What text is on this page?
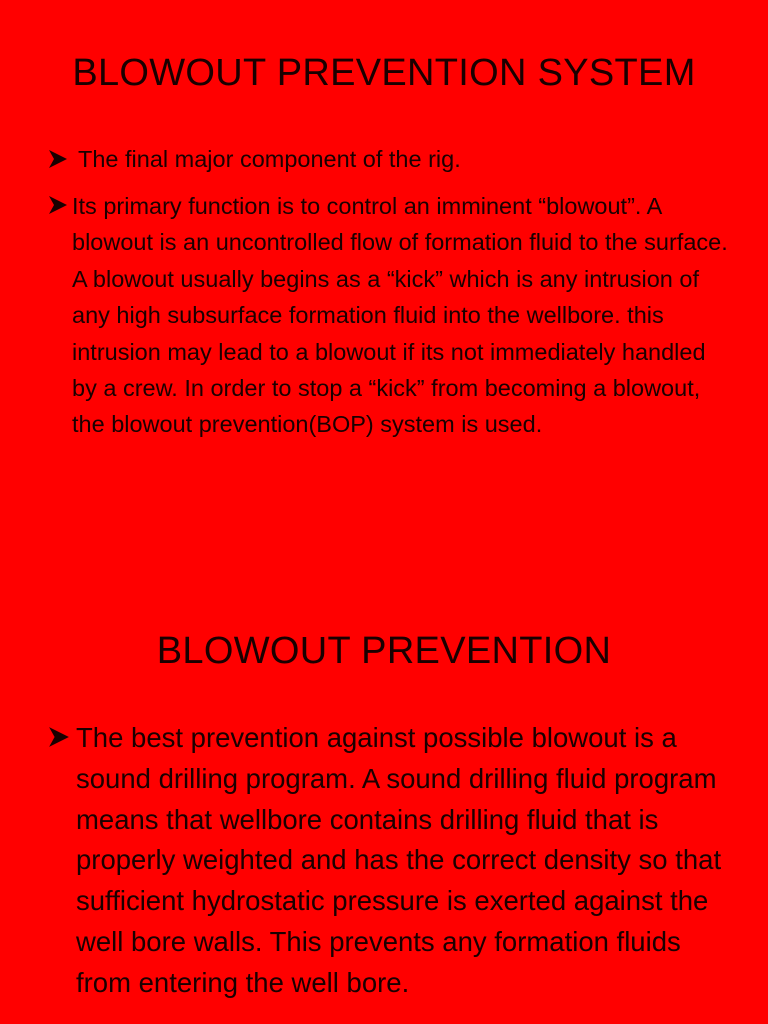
BLOWOUT PREVENTION SYSTEM
The final major component of the rig.
Its primary function is to control an imminent “blowout”. A blowout is an uncontrolled flow of formation fluid to the surface. A blowout usually begins as a “kick” which is any intrusion of any high subsurface formation fluid into the wellbore. this intrusion may lead to a blowout if its not immediately handled by a crew. In order to stop a “kick” from becoming a blowout, the blowout prevention(BOP) system is used.
BLOWOUT PREVENTION
The best prevention against possible blowout is a sound drilling program. A sound drilling fluid program means that wellbore contains drilling fluid that is properly weighted and has the correct density so that sufficient hydrostatic pressure is exerted against the well bore walls. This prevents any formation fluids from entering the well bore.
